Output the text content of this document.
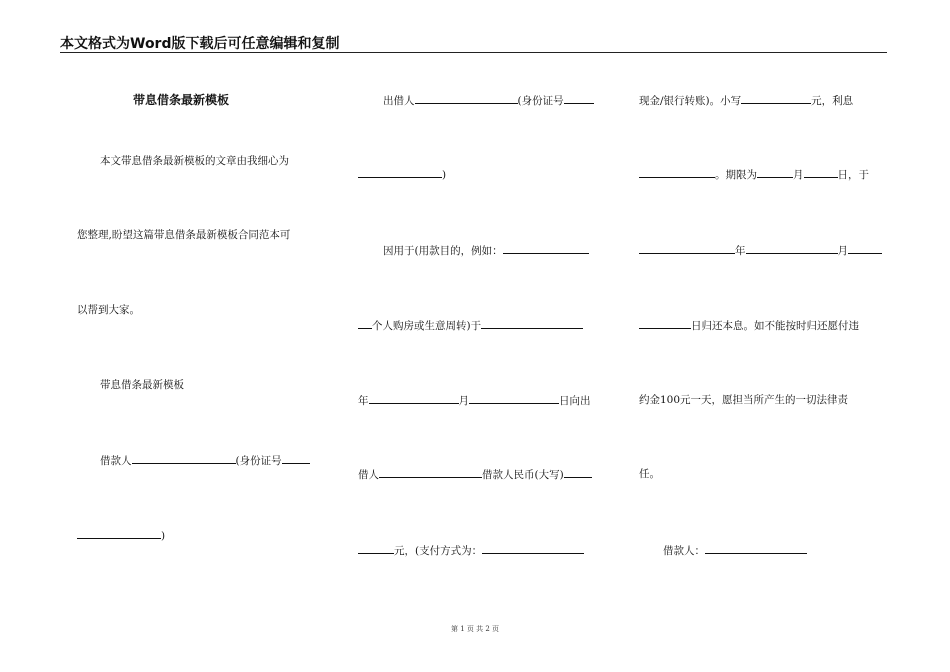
本文格式为Word版下载后可任意编辑和复制
带息借条最新模板
本文带息借条最新模板的文章由我细心为
您整理,盼望这篇带息借条最新模板合同范本可
以帮到大家。
带息借条最新模板
借款人	(身份证号
)
出借人	(身份证号
)
因用于(用款目的，例如：
个人购房或生意周转)于
年	月	日向出
借人	借款人民币(大写)
元，(支付方式为：
现金/银行转账)。小写	元，利息
。期限为	月	日，于
年	月
日归还本息。如不能按时归还愿付违
约金100元一天，愿担当所产生的一切法律责
任。
借款人：
第 1 页 共 2 页
